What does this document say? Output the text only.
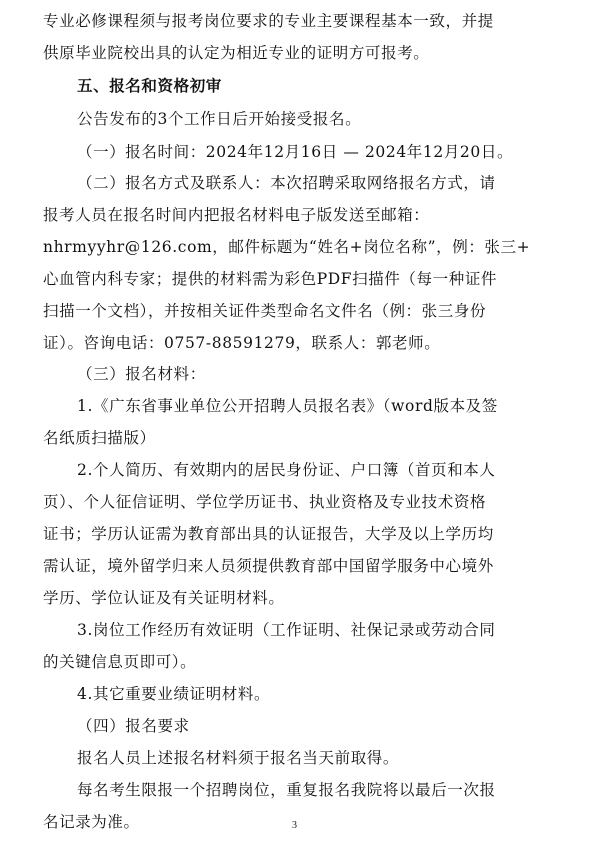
专业必修课程须与报考岗位要求的专业主要课程基本一致，并提
供原毕业院校出具的认定为相近专业的证明方可报考。
五、报名和资格初审
公告发布的3个工作日后开始接受报名。
（一）报名时间：2024年12月16日 — 2024年12月20日。
（二）报名方式及联系人：本次招聘采取网络报名方式，请
报考人员在报名时间内把报名材料电子版发送至邮箱：
nhrmyyhr@126.com，邮件标题为“姓名+岗位名称”，例：张三+
心血管内科专家；提供的材料需为彩色PDF扫描件（每一种证件
扫描一个文档），并按相关证件类型命名文件名（例：张三身份
证）。咨询电话：0757-88591279，联系人：郭老师。
（三）报名材料：
1.《广东省事业单位公开招聘人员报名表》（word版本及签
名纸质扫描版）
2.个人简历、有效期内的居民身份证、户口簿（首页和本人
页）、个人征信证明、学位学历证书、执业资格及专业技术资格
证书；学历认证需为教育部出具的认证报告，大学及以上学历均
需认证，境外留学归来人员须提供教育部中国留学服务中心境外
学历、学位认证及有关证明材料。
3.岗位工作经历有效证明（工作证明、社保记录或劳动合同
的关键信息页即可）。
4.其它重要业绩证明材料。
（四）报名要求
报名人员上述报名材料须于报名当天前取得。
每名考生限报一个招聘岗位，重复报名我院将以最后一次报
名记录为准。	3
